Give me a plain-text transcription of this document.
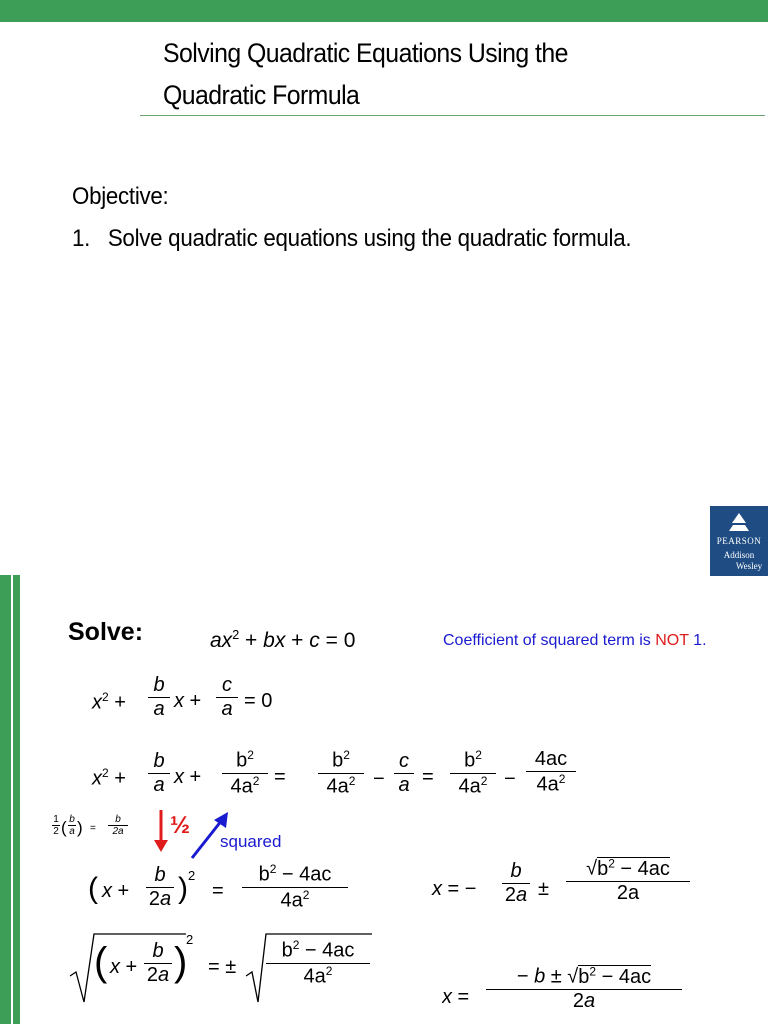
Solving Quadratic Equations Using the
Quadratic Formula
Objective:
1.   Solve quadratic equations using the quadratic formula.
PEARSON
Addison
Wesley
Solve:	$ax^2$ + bx + c = 0	Coefficient of squared term is NOT 1.
$x^2$ +
b
a x +
c
a = 0
$x^2$ +
b
a x +
$b^2$
$4a^2$ =
$b^2$
$4a^2$ −
c
a =
$b^2$
$4a^2$ −
4ac
$4a^2$
1
2 ( b
a ) =
b
2a ½
squared
( x +
b
2a ) 2
=
$b^2 - 4ac$
$4a^2$	x = −
b
2a ±
$√b^2 - 4ac$
2a
( x +
b
2a )
2
= ±
$b^2 - 4ac$
$4a^2$
x =
− $b \pm √b^2 - 4ac$
2a
